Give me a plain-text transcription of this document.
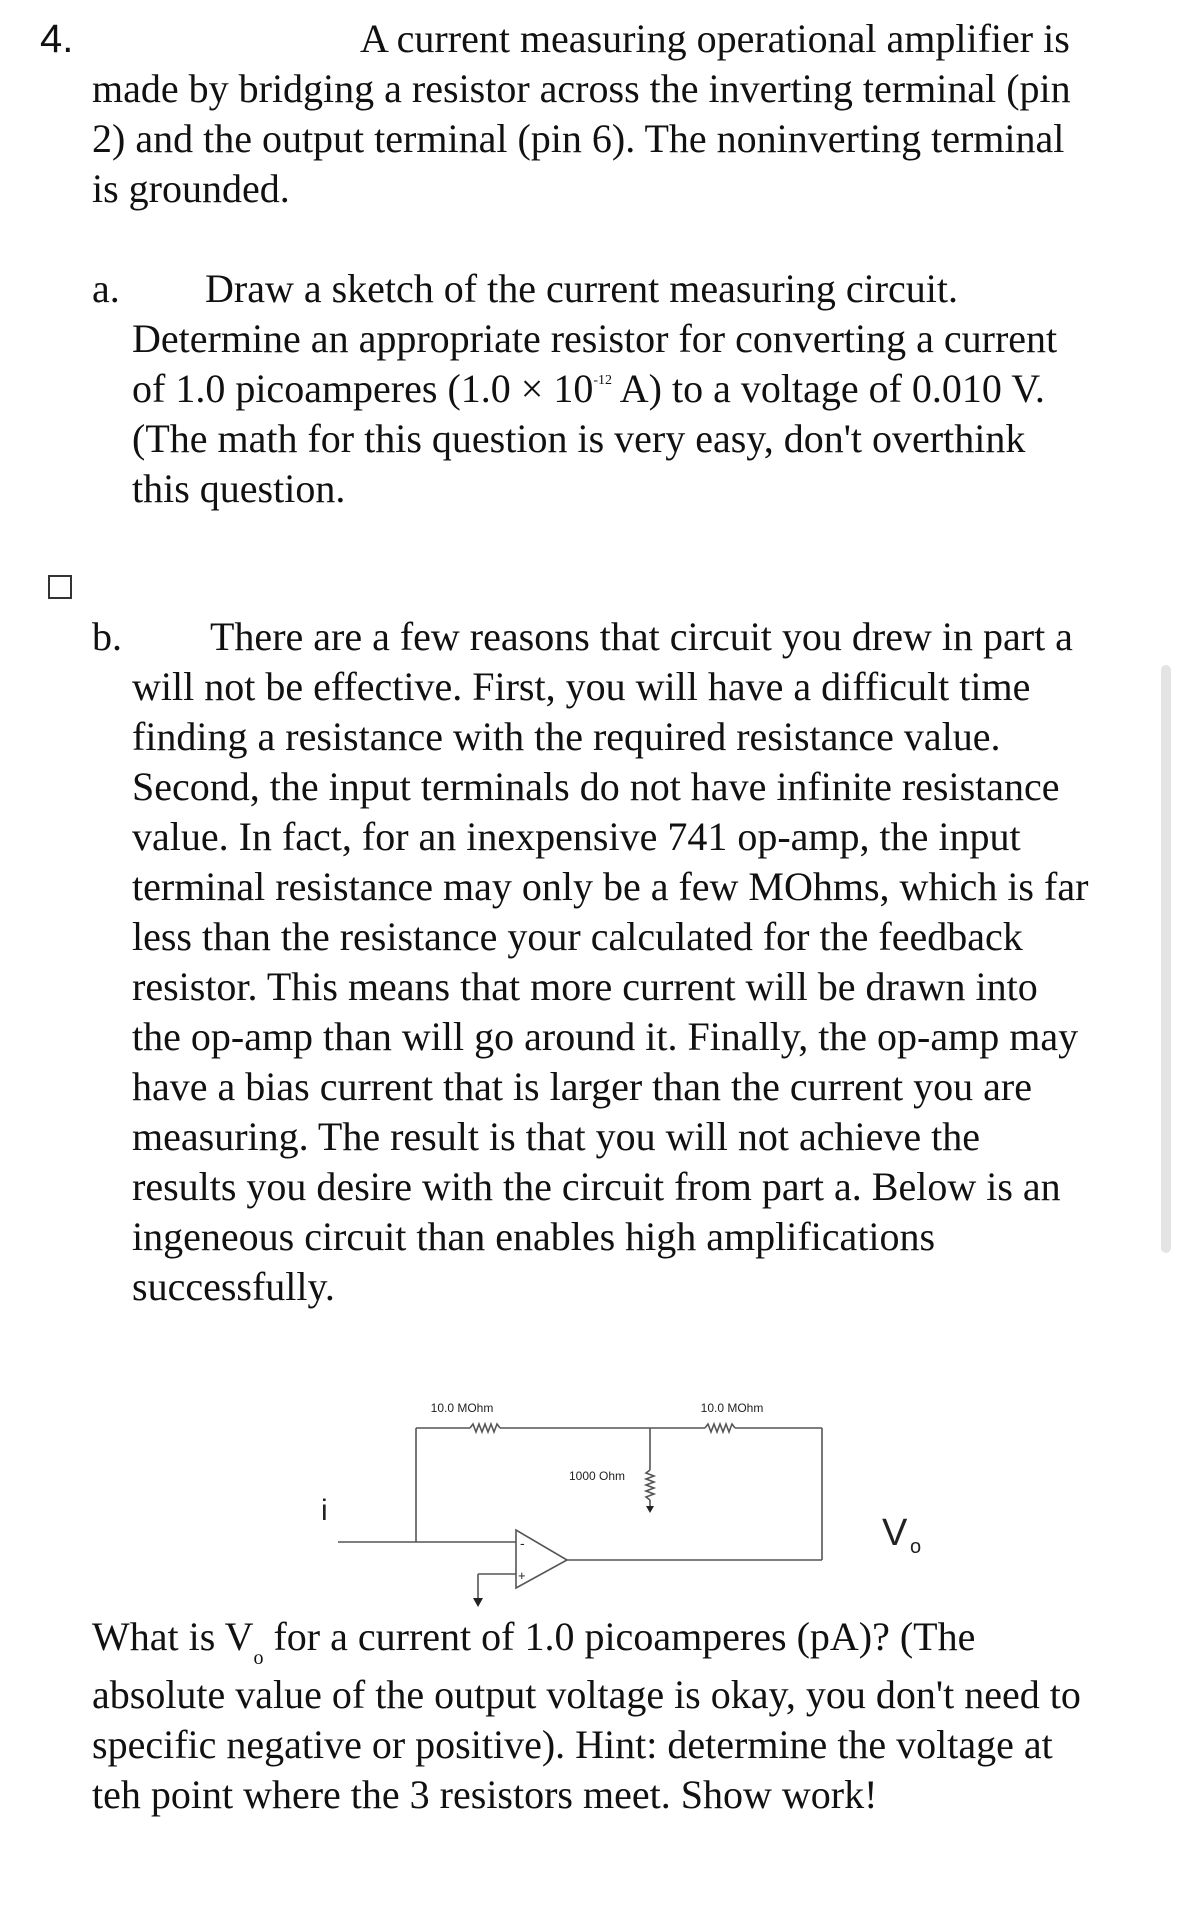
4.	A current measuring operational amplifier is
made by bridging a resistor across the inverting terminal (pin
2) and the output terminal (pin 6). The noninverting terminal
is grounded.
a. Draw a sketch of the current measuring circuit.
Determine an appropriate resistor for converting a current
of 1.0 picoamperes ($1.0 \times 10^{-12}$ A) to a voltage of 0.010 V.
(The math for this question is very easy, don't overthink
this question.
b. There are a few reasons that circuit you drew in part a
will not be effective. First, you will have a difficult time
finding a resistance with the required resistance value.
Second, the input terminals do not have infinite resistance
value. In fact, for an inexpensive 741 op-amp, the input
terminal resistance may only be a few MOhms, which is far
less than the resistance your calculated for the feedback
resistor. This means that more current will be drawn into
the op-amp than will go around it. Finally, the op-amp may
have a bias current that is larger than the current you are
measuring. The result is that you will not achieve the
results you desire with the circuit from part a. Below is an
ingeneous circuit than enables high amplifications
successfully.
10.0 MOhm
1000 Ohm
10.0 MOhm
i
-
+
V o
What is $V_o$ for a current of 1.0 picoamperes (pA)? (The
absolute value of the output voltage is okay, you don't need to
specific negative or positive). Hint: determine the voltage at
teh point where the 3 resistors meet. Show work!
